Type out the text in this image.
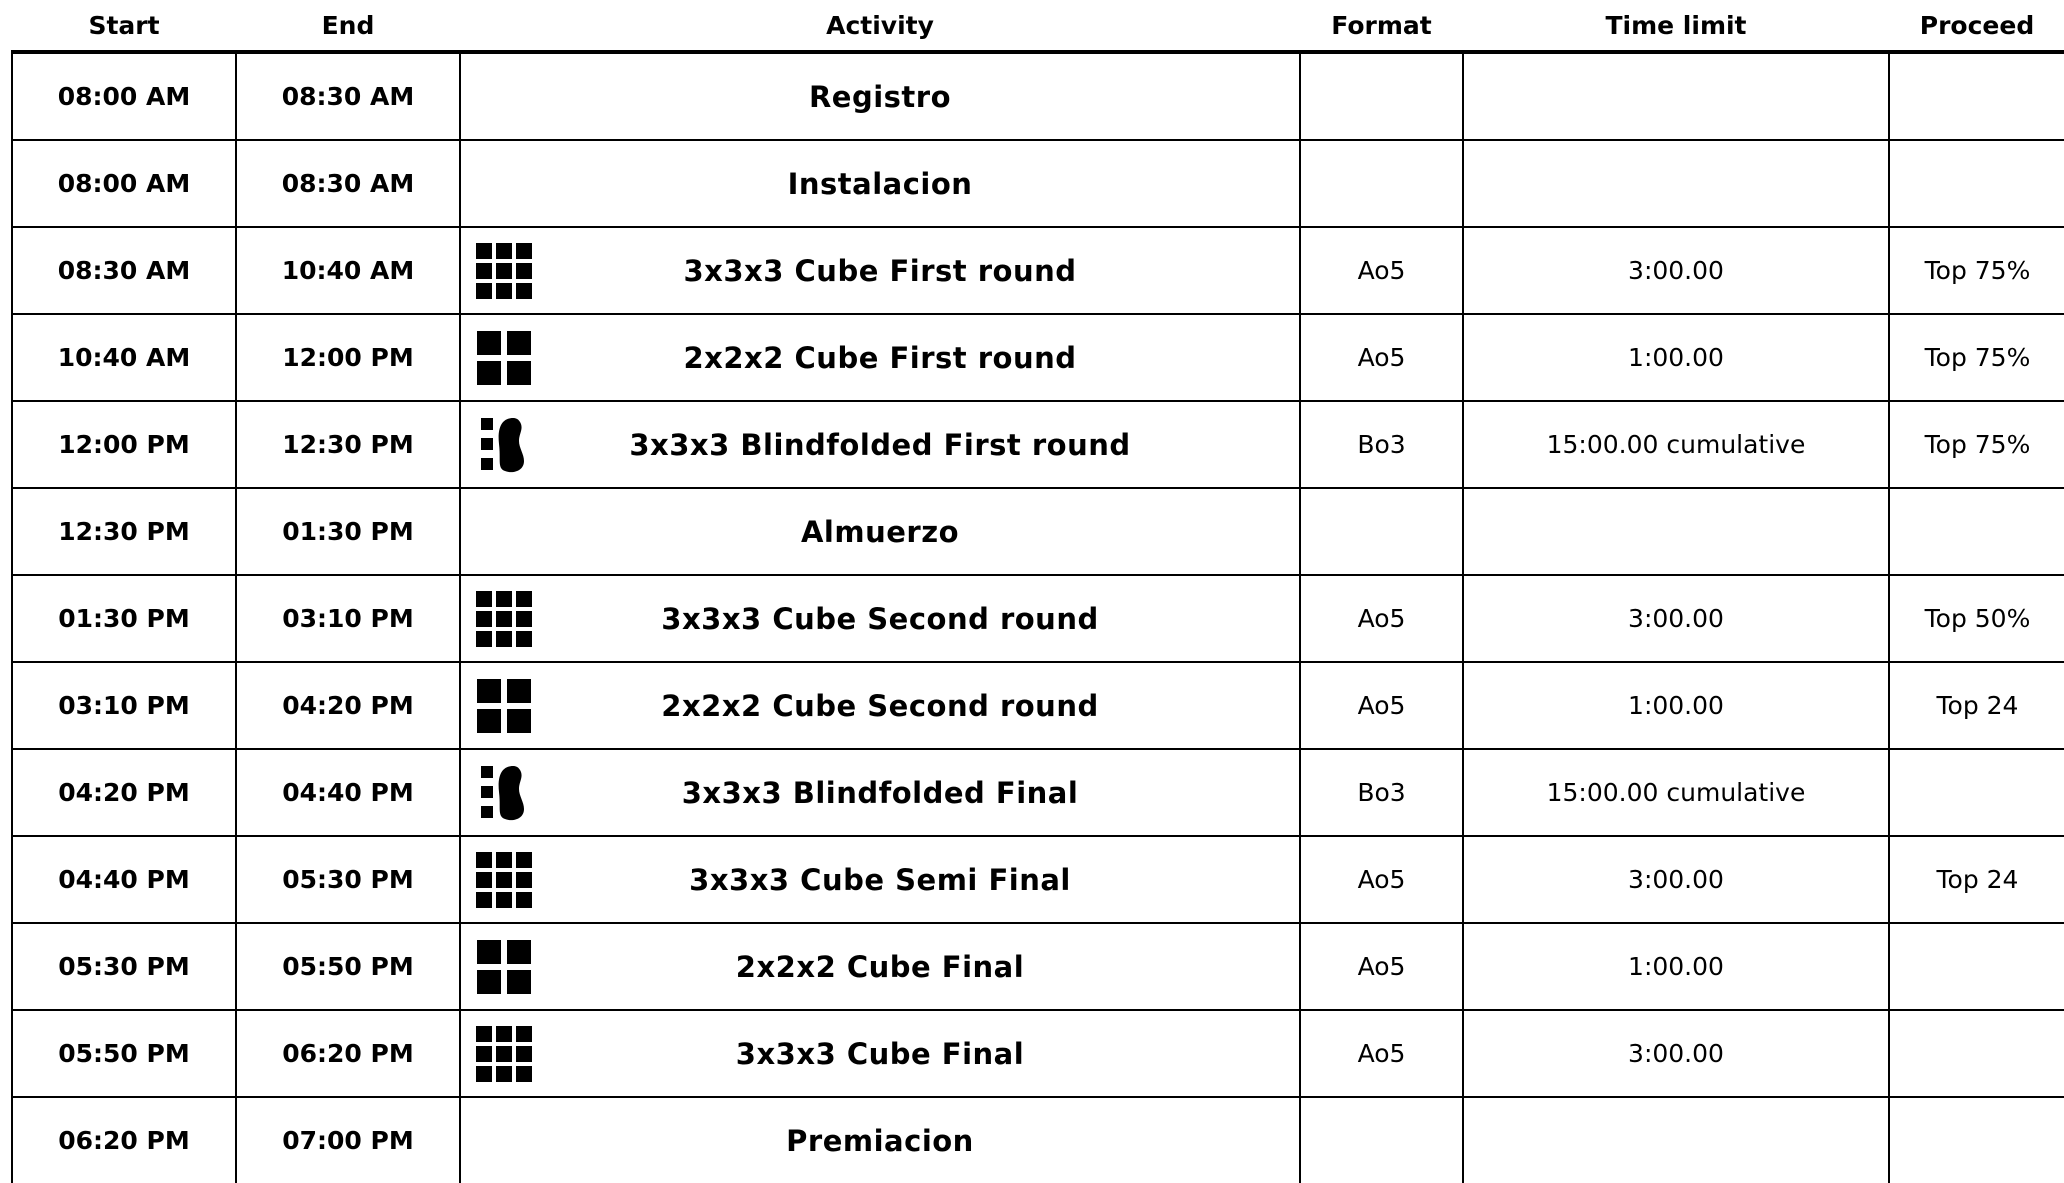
Start	End	Activity	Format	Time limit	Proceed
08:00 AM	08:30 AM	Registro			
08:00 AM	08:30 AM	Instalacion			
08:30 AM	10:40 AM	3x3x3 Cube First round	Ao5	3:00.00	Top 75%
10:40 AM	12:00 PM	2x2x2 Cube First round	Ao5	1:00.00	Top 75%
12:00 PM	12:30 PM	3x3x3 Blindfolded First round	Bo3	15:00.00 cumulative	Top 75%
12:30 PM	01:30 PM	Almuerzo			
01:30 PM	03:10 PM	3x3x3 Cube Second round	Ao5	3:00.00	Top 50%
03:10 PM	04:20 PM	2x2x2 Cube Second round	Ao5	1:00.00	Top 24
04:20 PM	04:40 PM	3x3x3 Blindfolded Final	Bo3	15:00.00 cumulative	
04:40 PM	05:30 PM	3x3x3 Cube Semi Final	Ao5	3:00.00	Top 24
05:30 PM	05:50 PM	2x2x2 Cube Final	Ao5	1:00.00	
05:50 PM	06:20 PM	3x3x3 Cube Final	Ao5	3:00.00	
06:20 PM	07:00 PM	Premiacion			
